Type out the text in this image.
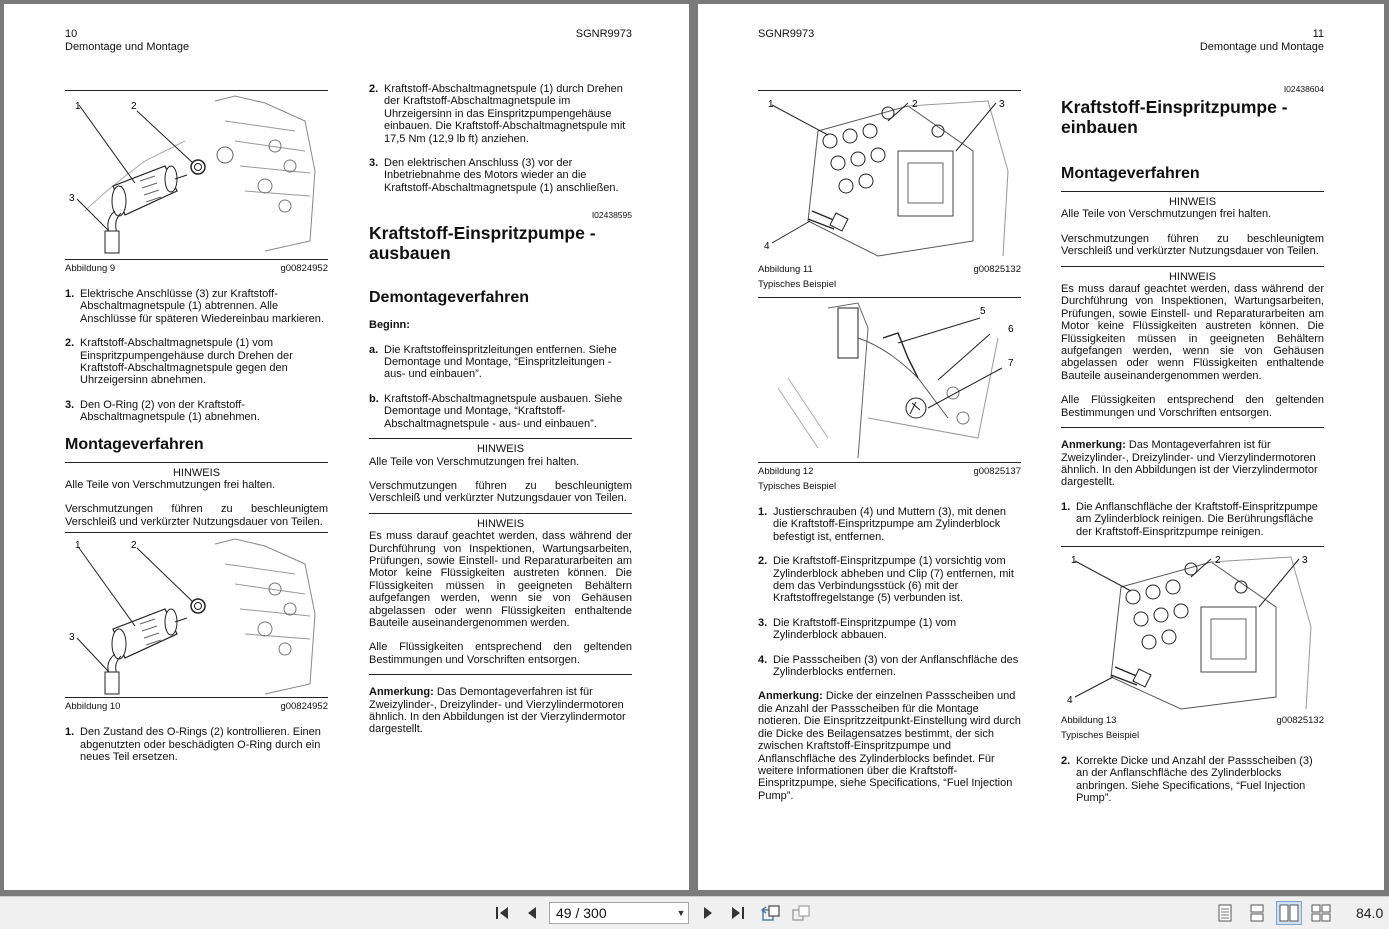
10
Demontage und Montage
SGNR9973
1	2
3
Abbildung 9	g00824952
1. Elektrische Anschlüsse (3) zur Kraftstoff-Abschaltmagnetspule (1) abtrennen. Alle Anschlüsse für späteren Wiedereinbau markieren.
2. Kraftstoff-Abschaltmagnetspule (1) vom Einspritzpumpengehäuse durch Drehen der Kraftstoff-Abschaltmagnetspule gegen den Uhrzeigersinn abnehmen.
3. Den O-Ring (2) von der Kraftstoff-Abschaltmagnetspule (1) abnehmen.
Montageverfahren

HINWEIS

Alle Teile von Verschmutzungen frei halten.

Verschmutzungen führen zu beschleunigtem Verschleiß und verkürzter Nutzungsdauer von Teilen.

1	2
3
Abbildung 10	g00824952
1. Den Zustand des O-Rings (2) kontrollieren. Einen abgenutzten oder beschädigten O-Ring durch ein neues Teil ersetzen.
2. Kraftstoff-Abschaltmagnetspule (1) durch Drehen der Kraftstoff-Abschaltmagnetspule im Uhrzeigersinn in das Einspritzpumpengehäuse einbauen. Die Kraftstoff-Abschaltmagnetspule mit 17,5 Nm (12,9 lb ft) anziehen.
3. Den elektrischen Anschluss (3) vor der Inbetriebnahme des Motors wieder an die Kraftstoff-Abschaltmagnetspule (1) anschließen.
I02438595
Kraftstoff-Einspritzpumpe - ausbauen
Demontageverfahren

Beginn:

a. Die Kraftstoffeinspritzleitungen entfernen. Siehe Demontage und Montage, “Einspritzleitungen - aus- und einbauen”.
b. Kraftstoff-Abschaltmagnetspule ausbauen. Siehe Demontage und Montage, “Kraftstoff-Abschaltmagnetspule - aus- und einbauen”.

HINWEIS

Alle Teile von Verschmutzungen frei halten.

Verschmutzungen führen zu beschleunigtem Verschleiß und verkürzter Nutzungsdauer von Teilen.

HINWEIS

Es muss darauf geachtet werden, dass während der Durchführung von Inspektionen, Wartungsarbeiten, Prüfungen, sowie Einstell- und Reparaturarbeiten am Motor keine Flüssigkeiten austreten können. Die Flüssigkeiten müssen in geeigneten Behältern aufgefangen werden, wenn sie von Gehäusen abgelassen oder wenn Flüssigkeiten enthaltende Bauteile auseinandergenommen werden.

Alle Flüssigkeiten entsprechend den geltenden Bestimmungen und Vorschriften entsorgen.

Anmerkung: Das Demontageverfahren ist für Zweizylinder-, Dreizylinder- und Vierzylindermotoren ähnlich. In den Abbildungen ist der Vierzylindermotor dargestellt.

SGNR9973	11
Demontage und Montage
1	2	3
4
Abbildung 11	g00825132
Typisches Beispiel
5
6
7
Abbildung 12	g00825137
Typisches Beispiel
1. Justierschrauben (4) und Muttern (3), mit denen die Kraftstoff-Einspritzpumpe am Zylinderblock befestigt ist, entfernen.
2. Die Kraftstoff-Einspritzpumpe (1) vorsichtig vom Zylinderblock abheben und Clip (7) entfernen, mit dem das Verbindungsstück (6) mit der Kraftstoffregelstange (5) verbunden ist.
3. Die Kraftstoff-Einspritzpumpe (1) vom Zylinderblock abbauen.
4. Die Passscheiben (3) von der Anflanschfläche des Zylinderblocks entfernen.

Anmerkung: Dicke der einzelnen Passscheiben und die Anzahl der Passscheiben für die Montage notieren. Die Einspritzzeitpunkt-Einstellung wird durch die Dicke des Beilagensatzes bestimmt, der sich zwischen Kraftstoff-Einspritzpumpe und Anflanschfläche des Zylinderblocks befindet. Für weitere Informationen über die Kraftstoff-Einspritzpumpe, siehe Specifications, “Fuel Injection Pump”.

I02438604
Kraftstoff-Einspritzpumpe - einbauen
Montageverfahren

HINWEIS

Alle Teile von Verschmutzungen frei halten.

Verschmutzungen führen zu beschleunigtem Verschleiß und verkürzter Nutzungsdauer von Teilen.

HINWEIS

Es muss darauf geachtet werden, dass während der Durchführung von Inspektionen, Wartungsarbeiten, Prüfungen, sowie Einstell- und Reparaturarbeiten am Motor keine Flüssigkeiten austreten können. Die Flüssigkeiten müssen in geeigneten Behältern aufgefangen werden, wenn sie von Gehäusen abgelassen oder wenn Flüssigkeiten enthaltende Bauteile auseinandergenommen werden.

Alle Flüssigkeiten entsprechend den geltenden Bestimmungen und Vorschriften entsorgen.

Anmerkung: Das Montageverfahren ist für Zweizylinder-, Dreizylinder- und Vierzylindermotoren ähnlich. In den Abbildungen ist der Vierzylindermotor dargestellt.

1. Die Anflanschfläche der Kraftstoff-Einspritzpumpe am Zylinderblock reinigen. Die Berührungsfläche der Kraftstoff-Einspritzpumpe reinigen.
1	2	3
4
Abbildung 13	g00825132
Typisches Beispiel
2. Korrekte Dicke und Anzahl der Passscheiben (3) an der Anflanschfläche des Zylinderblocks anbringen. Siehe Specifications, “Fuel Injection Pump”.
49 / 300	▼	84.0
